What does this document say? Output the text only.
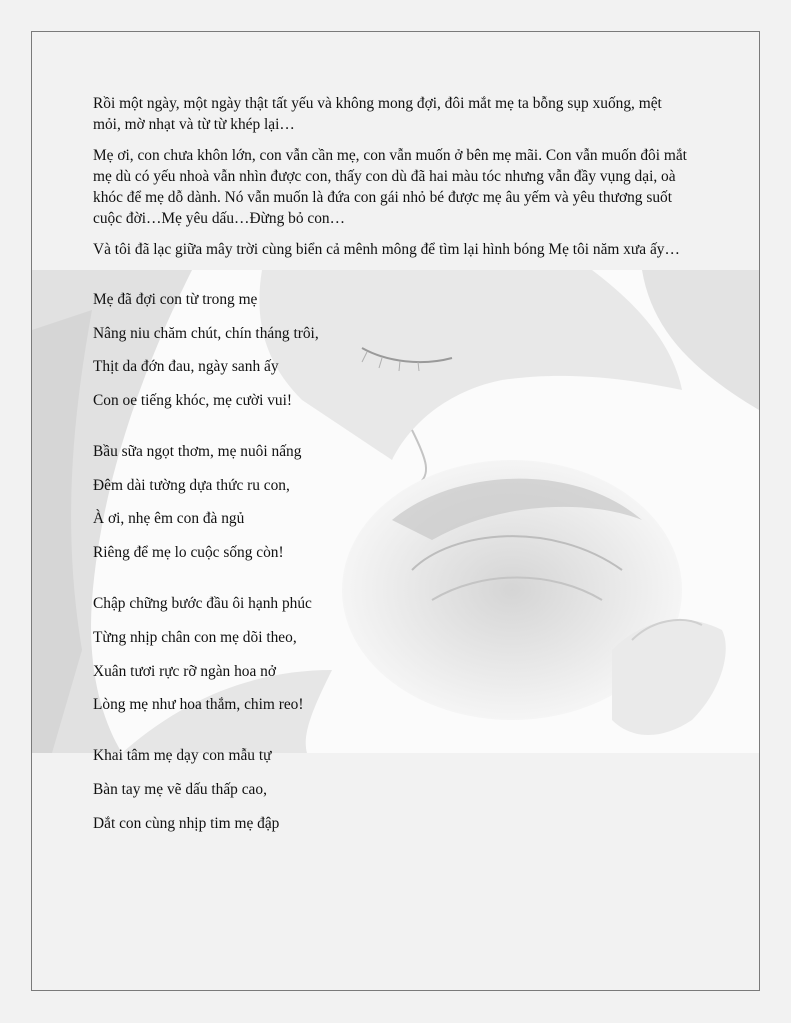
Rồi một ngày, một ngày thật tất yếu và không mong đợi, đôi mắt mẹ ta bỗng sụp xuống, mệt mỏi, mờ nhạt và từ từ khép lại…

Mẹ ơi, con chưa khôn lớn, con vẫn cần mẹ, con vẫn muốn ở bên mẹ mãi. Con vẫn muốn đôi mắt mẹ dù có yếu nhoà vẫn nhìn được con, thấy con dù đã hai màu tóc nhưng vẫn đầy vụng dại, oà khóc để mẹ dỗ dành. Nó vẫn muốn là đứa con gái nhỏ bé được mẹ âu yếm và yêu thương suốt cuộc đời…Mẹ yêu dấu…Đừng bỏ con…

Và tôi đã lạc giữa mây trời cùng biển cả mênh mông để tìm lại hình bóng Mẹ tôi năm xưa ấy…

Mẹ đã đợi con từ trong mẹ
Nâng niu chăm chút, chín tháng trôi,
Thịt da đớn đau, ngày sanh ấy
Con oe tiếng khóc, mẹ cười vui!
Bầu sữa ngọt thơm, mẹ nuôi nấng
Đêm dài tường dựa thức ru con,
À ơi, nhẹ êm con đà ngủ
Riêng để mẹ lo cuộc sống còn!
Chập chững bước đầu ôi hạnh phúc
Từng nhịp chân con mẹ dõi theo,
Xuân tươi rực rỡ ngàn hoa nở
Lòng mẹ như hoa thắm, chim reo!
Khai tâm mẹ dạy con mẫu tự
Bàn tay mẹ vẽ dấu thấp cao,
Dắt con cùng nhịp tim mẹ đập
